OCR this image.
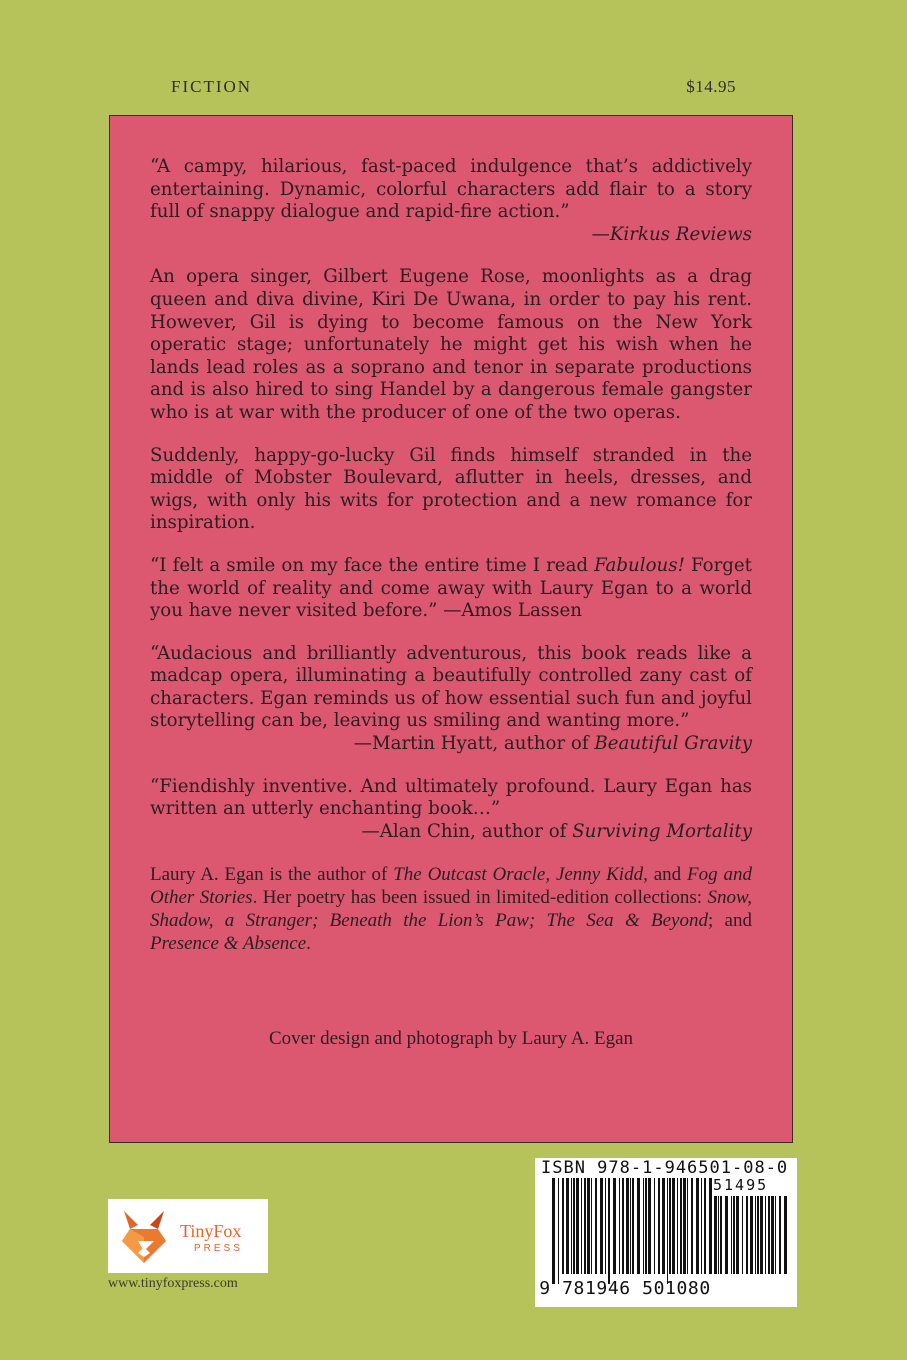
FICTION	$14.95

“A campy, hilarious, fast-paced indulgence that’s addictively entertaining. Dynamic, colorful characters add flair to a story full of snappy dialogue and rapid-fire action.”

—Kirkus Reviews

An opera singer, Gilbert Eugene Rose, moonlights as a drag queen and diva divine, Kiri De Uwana, in order to pay his rent. However, Gil is dying to become famous on the New York operatic stage; unfortunately he might get his wish when he lands lead roles as a soprano and tenor in separate productions and is also hired to sing Handel by a dangerous female gangster who is at war with the producer of one of the two operas.

Suddenly, happy-go-lucky Gil finds himself stranded in the middle of Mobster Boulevard, aflutter in heels, dresses, and wigs, with only his wits for protection and a new romance for inspiration.

“I felt a smile on my face the entire time I read Fabulous! Forget the world of reality and come away with Laury Egan to a world you have never visited before.” —Amos Lassen

“Audacious and brilliantly adventurous, this book reads like a madcap opera, illuminating a beautifully controlled zany cast of characters. Egan reminds us of how essential such fun and joyful storytelling can be, leaving us smiling and wanting more.”

—Martin Hyatt, author of Beautiful Gravity

“Fiendishly inventive. And ultimately profound. Laury Egan has written an utterly enchanting book…”

—Alan Chin, author of Surviving Mortality

Laury A. Egan is the author of The Outcast Oracle, Jenny Kidd, and Fog and Other Stories. Her poetry has been issued in limited-edition collections: Snow, Shadow, a Stranger; Beneath the Lion’s Paw; The Sea & Beyond; and Presence & Absence.

Cover design and photograph by Laury A. Egan
TinyFox
PRESS
www.tinyfoxpress.com
ISBN 978-1-946501-08-0
51495
9 781946 501080
